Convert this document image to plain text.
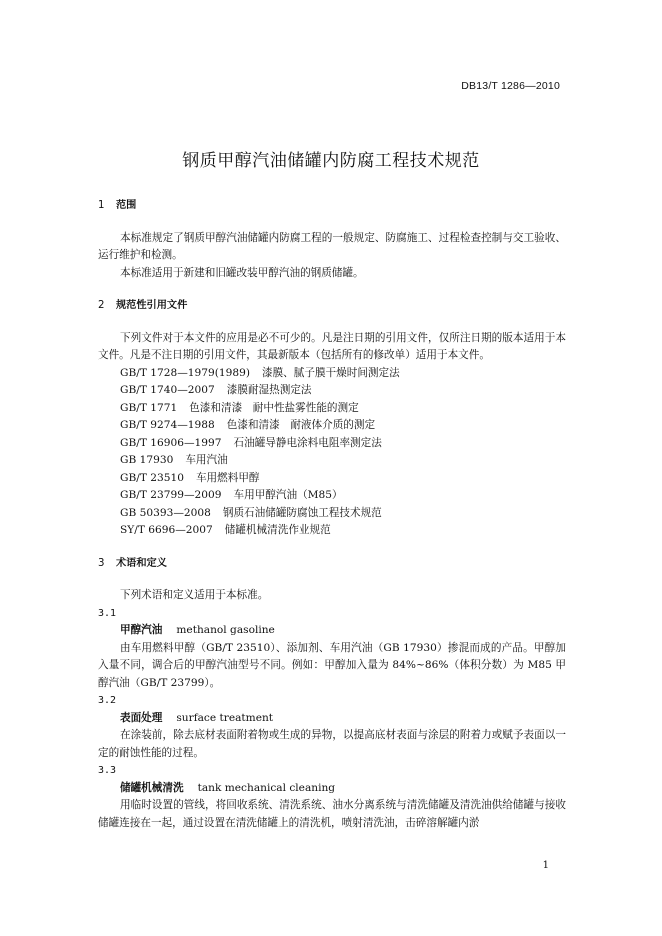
DB13/T 1286—2010
钢质甲醇汽油储罐内防腐工程技术规范

1 范围

本标准规定了钢质甲醇汽油储罐内防腐工程的一般规定、防腐施工、过程检查控制与交工验收、运行维护和检测。

本标准适用于新建和旧罐改装甲醇汽油的钢质储罐。

2 规范性引用文件

下列文件对于本文件的应用是必不可少的。凡是注日期的引用文件，仅所注日期的版本适用于本文件。凡是不注日期的引用文件，其最新版本（包括所有的修改单）适用于本文件。

GB/T 1728—1979(1989) 漆膜、腻子膜干燥时间测定法

GB/T 1740—2007 漆膜耐湿热测定法

GB/T 1771 色漆和清漆　耐中性盐雾性能的测定

GB/T 9274—1988 色漆和清漆　耐液体介质的测定

GB/T 16906—1997 石油罐导静电涂料电阻率测定法

GB 17930 车用汽油

GB/T 23510 车用燃料甲醇

GB/T 23799—2009 车用甲醇汽油（M85）

GB 50393—2008 钢质石油储罐防腐蚀工程技术规范

SY/T 6696—2007 储罐机械清洗作业规范

3 术语和定义

下列术语和定义适用于本标准。

3.1

甲醇汽油 methanol gasoline

由车用燃料甲醇（GB/T 23510）、添加剂、车用汽油（GB 17930）掺混而成的产品。甲醇加入量不同，调合后的甲醇汽油型号不同。例如：甲醇加入量为 84%~86%（体积分数）为 M85 甲醇汽油（GB/T 23799）。

3.2

表面处理 surface treatment

在涂装前，除去底材表面附着物或生成的异物，以提高底材表面与涂层的附着力或赋予表面以一定的耐蚀性能的过程。

3.3

储罐机械清洗 tank mechanical cleaning

用临时设置的管线，将回收系统、清洗系统、油水分离系统与清洗储罐及清洗油供给储罐与接收储罐连接在一起，通过设置在清洗储罐上的清洗机，喷射清洗油，击碎溶解罐内淤

1
